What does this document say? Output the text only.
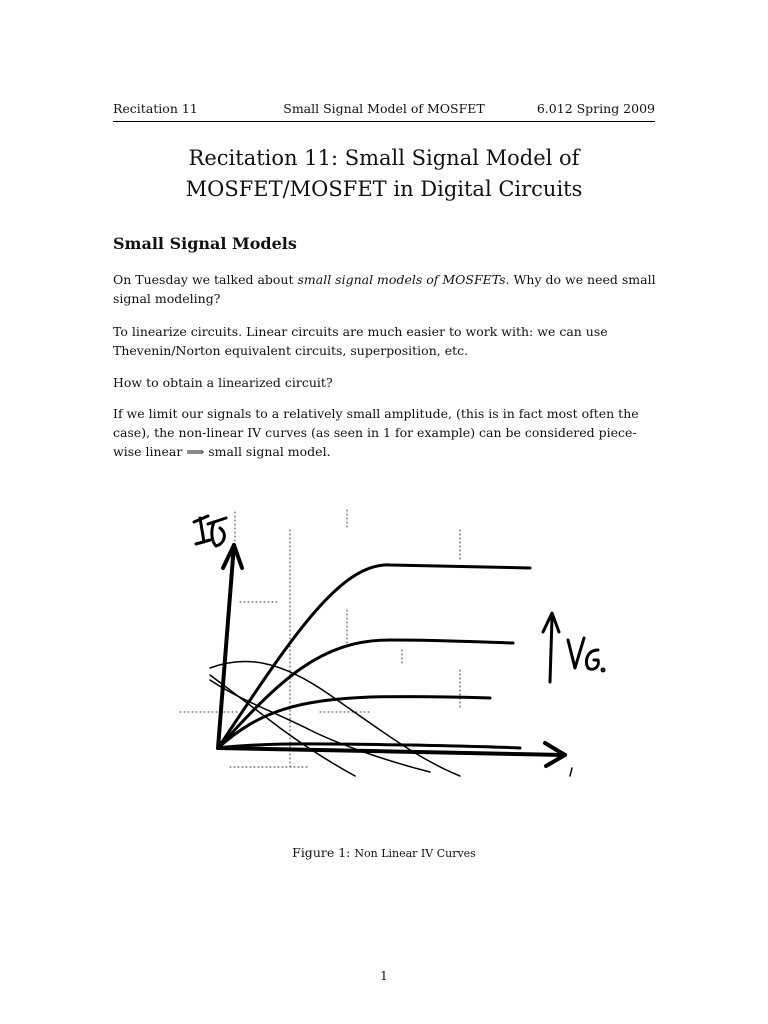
Recitation 11	Small Signal Model of MOSFET	6.012 Spring 2009
Recitation 11: Small Signal Model of
MOSFET/MOSFET in Digital Circuits
Small Signal Models
On Tuesday we talked about small signal models of MOSFETs. Why do we need small signal modeling?
To linearize circuits. Linear circuits are much easier to work with: we can use Thevenin/Norton equivalent circuits, superposition, etc.
How to obtain a linearized circuit?
If we limit our signals to a relatively small amplitude, (this is in fact most often the case), the non-linear IV curves (as seen in 1 for example) can be considered piece-wise linear ⟹ small signal model.
Figure 1: Non Linear IV Curves
1
